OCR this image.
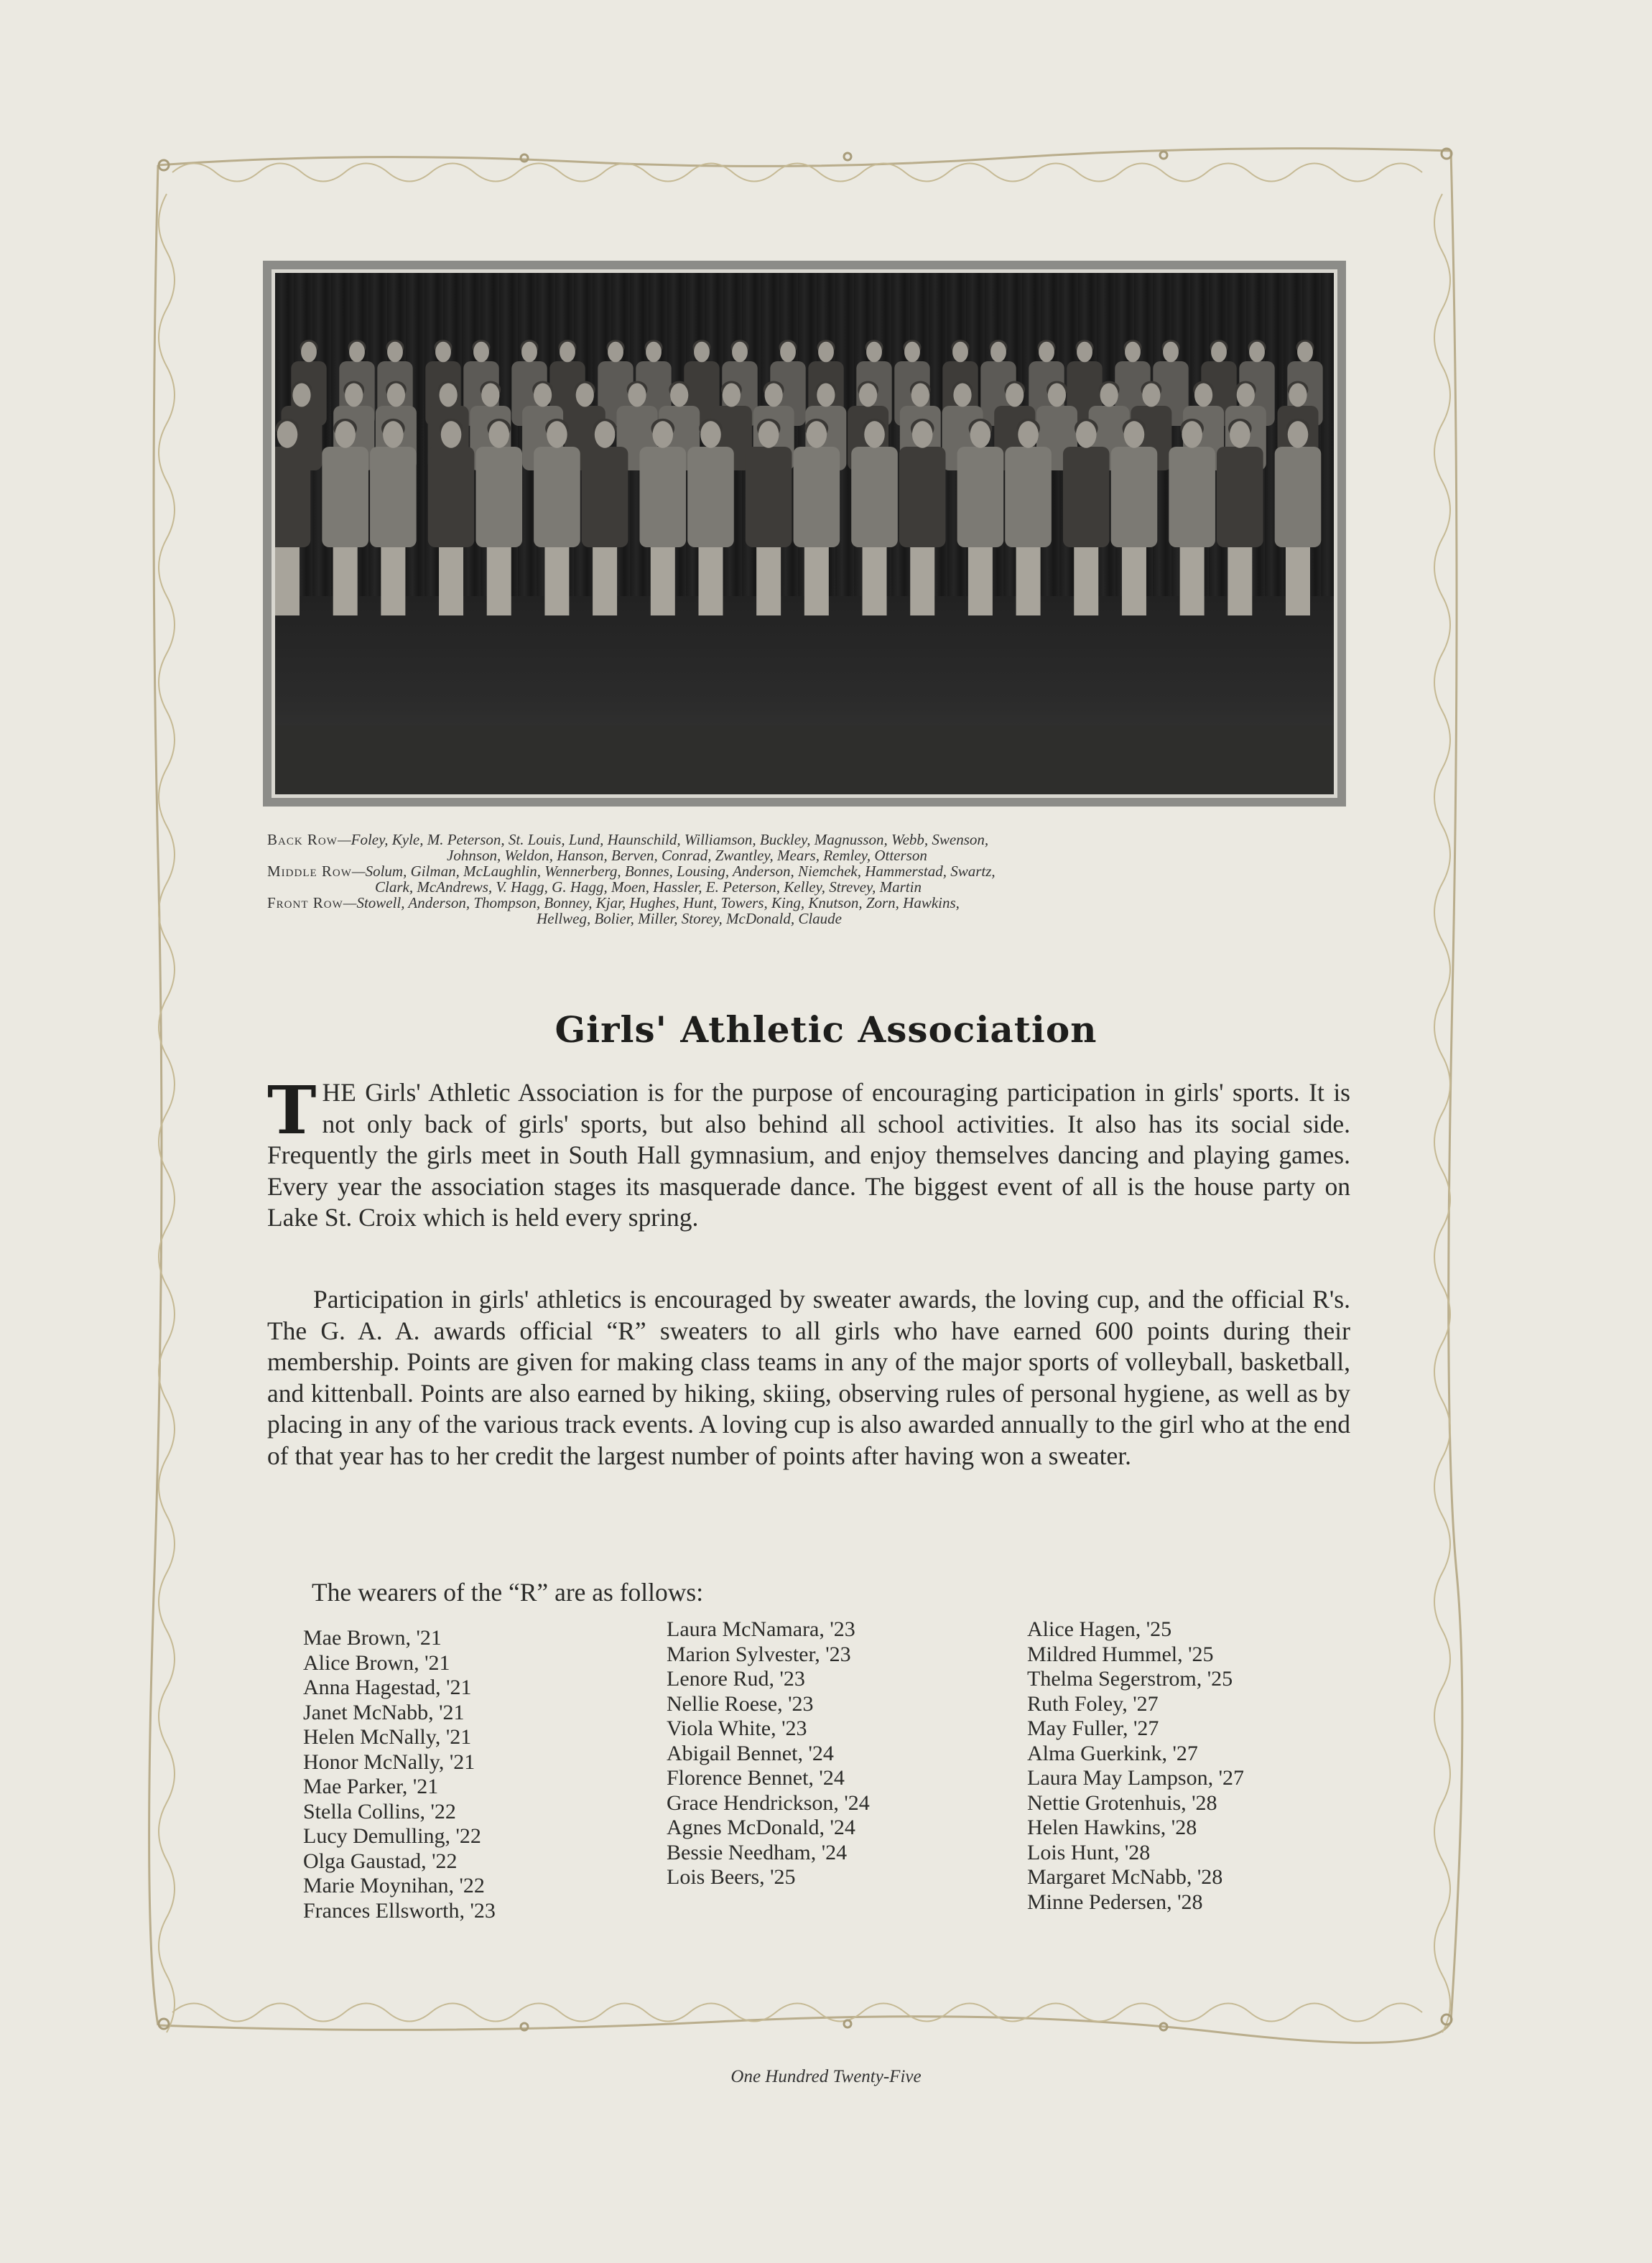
Back Row—Foley, Kyle, M. Peterson, St. Louis, Lund, Haunschild, Williamson, Buckley, Magnusson, Webb, Swenson,
Johnson, Weldon, Hanson, Berven, Conrad, Zwantley, Mears, Remley, Otterson
Middle Row—Solum, Gilman, McLaughlin, Wennerberg, Bonnes, Lousing, Anderson, Niemchek, Hammerstad, Swartz,
Clark, McAndrews, V. Hagg, G. Hagg, Moen, Hassler, E. Peterson, Kelley, Strevey, Martin
Front Row—Stowell, Anderson, Thompson, Bonney, Kjar, Hughes, Hunt, Towers, King, Knutson, Zorn, Hawkins,
Hellweg, Bolier, Miller, Storey, McDonald, Claude
Girls' Athletic Association
THE Girls' Athletic Association is for the purpose of encouraging participation in girls' sports. It is not only back of girls' sports, but also behind all school activities. It also has its social side. Frequently the girls meet in South Hall gymnasium, and enjoy themselves dancing and playing games. Every year the association stages its masquerade dance. The biggest event of all is the house party on Lake St. Croix which is held every spring.
Participation in girls' athletics is encouraged by sweater awards, the loving cup, and the official R's. The G. A. A. awards official “R” sweaters to all girls who have earned 600 points during their membership. Points are given for making class teams in any of the major sports of volleyball, basketball, and kittenball. Points are also earned by hiking, skiing, observing rules of personal hygiene, as well as by placing in any of the various track events. A loving cup is also awarded annually to the girl who at the end of that year has to her credit the largest number of points after having won a sweater.
The wearers of the “R” are as follows:
Mae Brown, '21
Alice Brown, '21
Anna Hagestad, '21
Janet McNabb, '21
Helen McNally, '21
Honor McNally, '21
Mae Parker, '21
Stella Collins, '22
Lucy Demulling, '22
Olga Gaustad, '22
Marie Moynihan, '22
Frances Ellsworth, '23
Laura McNamara, '23
Marion Sylvester, '23
Lenore Rud, '23
Nellie Roese, '23
Viola White, '23
Abigail Bennet, '24
Florence Bennet, '24
Grace Hendrickson, '24
Agnes McDonald, '24
Bessie Needham, '24
Lois Beers, '25
Alice Hagen, '25
Mildred Hummel, '25
Thelma Segerstrom, '25
Ruth Foley, '27
May Fuller, '27
Alma Guerkink, '27
Laura May Lampson, '27
Nettie Grotenhuis, '28
Helen Hawkins, '28
Lois Hunt, '28
Margaret McNabb, '28
Minne Pedersen, '28
One Hundred Twenty-Five
